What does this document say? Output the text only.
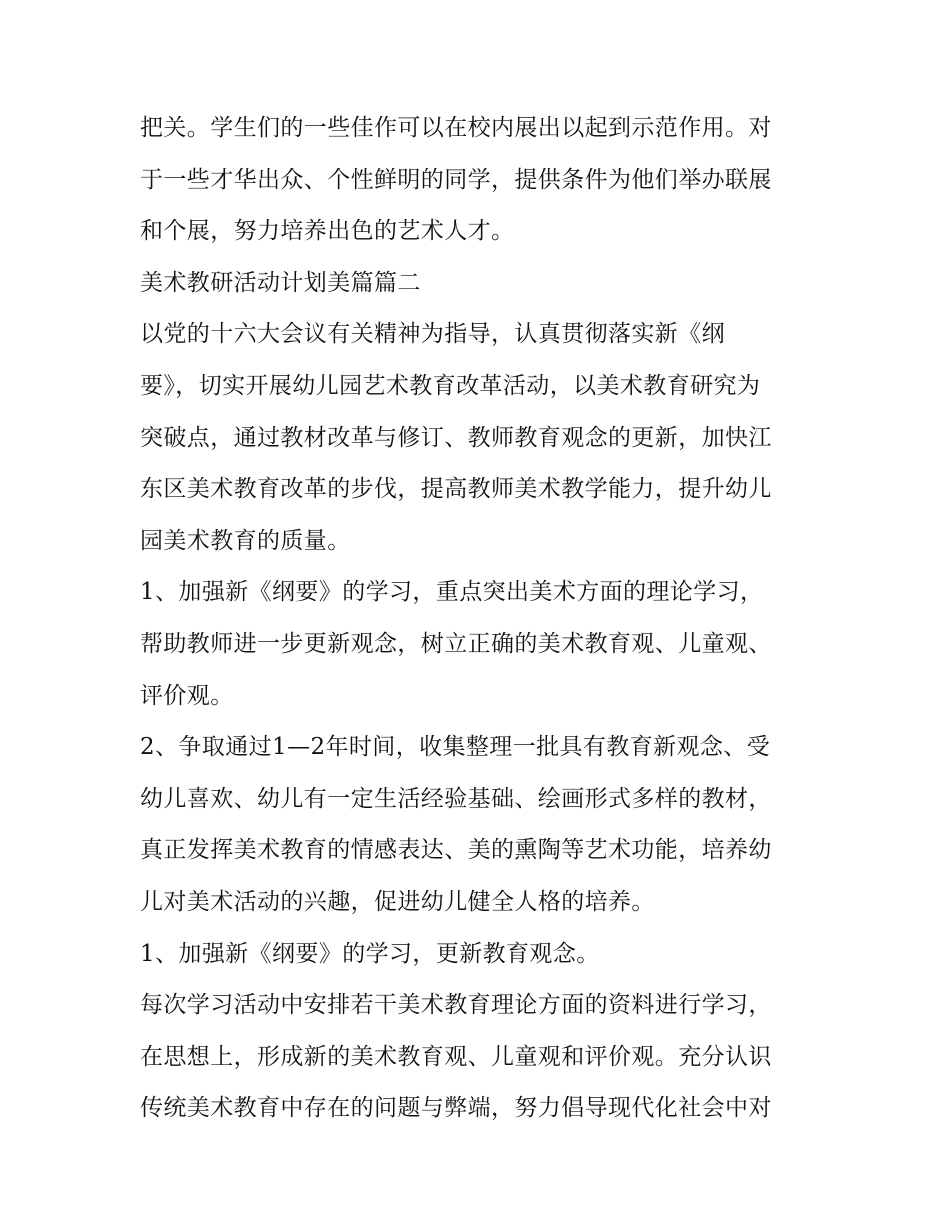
把关。学生们的一些佳作可以在校内展出以起到示范作用。对
于一些才华出众、个性鲜明的同学，提供条件为他们举办联展
和个展，努力培养出色的艺术人才。
美术教研活动计划美篇篇二
以党的十六大会议有关精神为指导，认真贯彻落实新《纲
要》，切实开展幼儿园艺术教育改革活动，以美术教育研究为
突破点，通过教材改革与修订、教师教育观念的更新，加快江
东区美术教育改革的步伐，提高教师美术教学能力，提升幼儿
园美术教育的质量。
1、加强新《纲要》的学习，重点突出美术方面的理论学习，
帮助教师进一步更新观念，树立正确的美术教育观、儿童观、
评价观。
2、争取通过1—2年时间，收集整理一批具有教育新观念、受
幼儿喜欢、幼儿有一定生活经验基础、绘画形式多样的教材，
真正发挥美术教育的情感表达、美的熏陶等艺术功能，培养幼
儿对美术活动的兴趣，促进幼儿健全人格的培养。
1、加强新《纲要》的学习，更新教育观念。
每次学习活动中安排若干美术教育理论方面的资料进行学习，
在思想上，形成新的美术教育观、儿童观和评价观。充分认识
传统美术教育中存在的问题与弊端，努力倡导现代化社会中对
